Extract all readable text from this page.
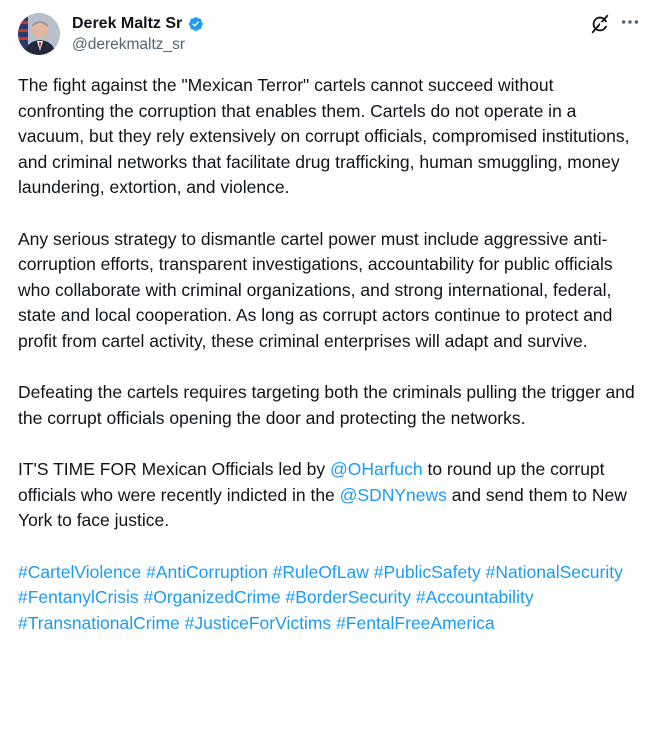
Derek Maltz Sr
@derekmaltz_sr

The fight against the "Mexican Terror" cartels cannot succeed without confronting the corruption that enables them. Cartels do not operate in a vacuum, but they rely extensively on corrupt officials, compromised institutions, and criminal networks that facilitate drug trafficking, human smuggling, money laundering, extortion, and violence.

Any serious strategy to dismantle cartel power must include aggressive anti-corruption efforts, transparent investigations, accountability for public officials who collaborate with criminal organizations, and strong international, federal, state and local cooperation. As long as corrupt actors continue to protect and profit from cartel activity, these criminal enterprises will adapt and survive.

Defeating the cartels requires targeting both the criminals pulling the trigger and the corrupt officials opening the door and protecting the networks.

IT'S TIME FOR Mexican Officials led by @OHarfuch to round up the corrupt officials who were recently indicted in the @SDNYnews and send them to New York to face justice.

#CartelViolence #AntiCorruption #RuleOfLaw #PublicSafety #NationalSecurity #FentanylCrisis #OrganizedCrime #BorderSecurity #Accountability #TransnationalCrime #JusticeForVictims #FentalFreeAmerica
